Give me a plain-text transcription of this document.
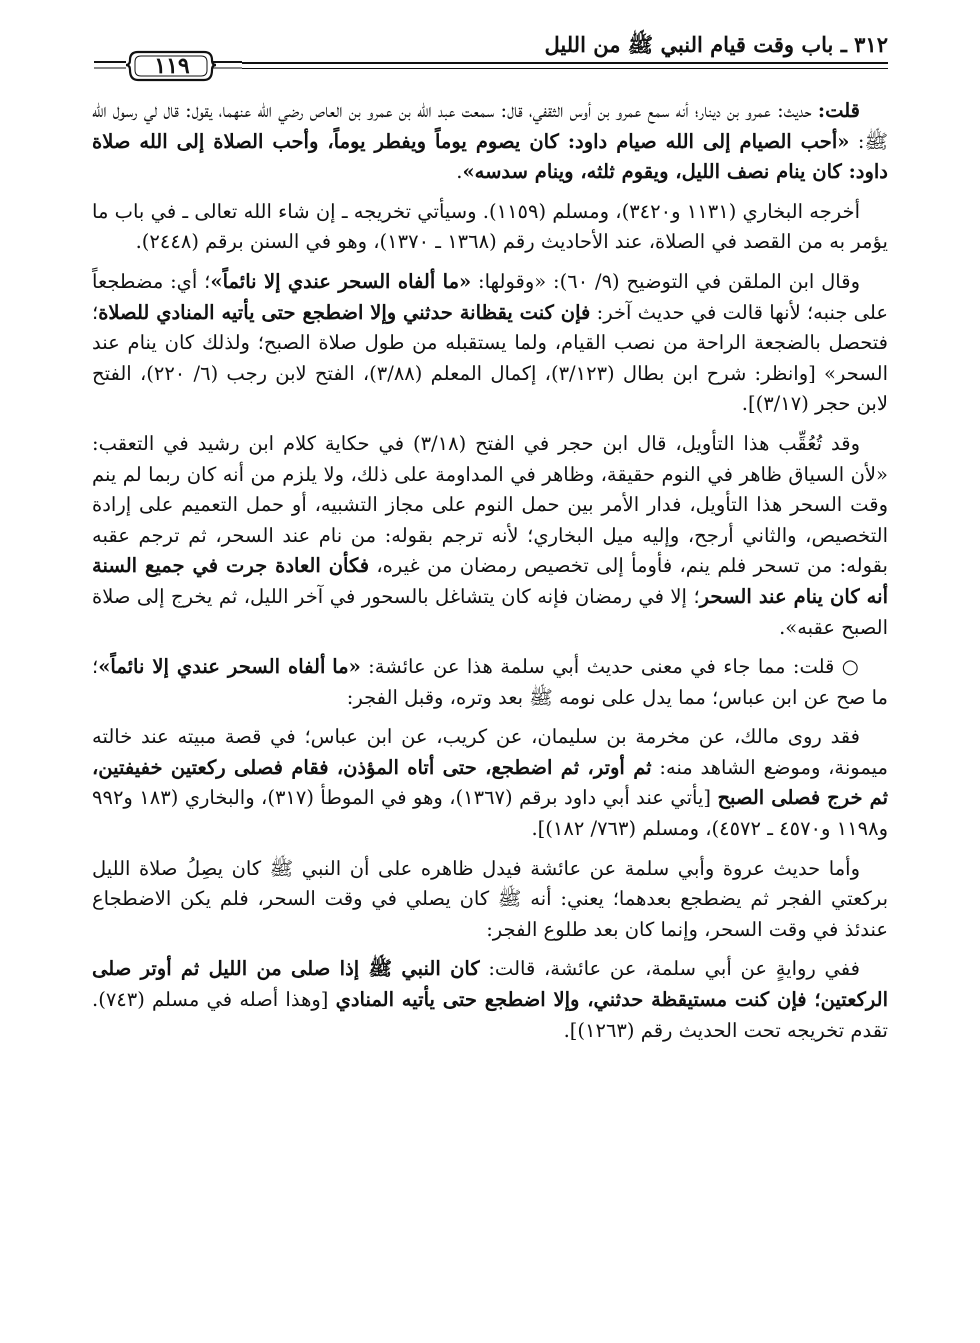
٣١٢ ـ باب وقت قيام النبي ﷺ من الليل
١١٩

قلت: حديث: عمرو بن دينار؛ أنه سمع عمرو بن أوس الثقفي، قال: سمعت عبد الله بن عمرو بن العاص رضي الله عنهما، يقول: قال لي رسول الله ﷺ: «أحب الصيام إلى الله صيام داود: كان يصوم يوماً ويفطر يوماً، وأحب الصلاة إلى الله صلاة داود: كان ينام نصف الليل، ويقوم ثلثه، وينام سدسه».

أخرجه البخاري (١١٣١ و٣٤٢٠)، ومسلم (١١٥٩). وسيأتي تخريجه ـ إن شاء الله تعالى ـ في باب ما يؤمر به من القصد في الصلاة، عند الأحاديث رقم (١٣٦٨ ـ ١٣٧٠)، وهو في السنن برقم (٢٤٤٨).

وقال ابن الملقن في التوضيح (٩/ ٦٠): «وقولها: «ما ألفاه السحر عندي إلا نائماً»؛ أي: مضطجعاً على جنبه؛ لأنها قالت في حديث آخر: فإن كنت يقظانة حدثني وإلا اضطجع حتى يأتيه المنادي للصلاة؛ فتحصل بالضجعة الراحة من نصب القيام، ولما يستقبله من طول صلاة الصبح؛ ولذلك كان ينام عند السحر» [وانظر: شرح ابن بطال (٣/١٢٣)، إكمال المعلم (٣/٨٨)، الفتح لابن رجب (٦/ ٢٢٠)، الفتح لابن حجر (٣/١٧)].

وقد تُعُقِّب هذا التأويل، قال ابن حجر في الفتح (٣/١٨) في حكاية كلام ابن رشيد في التعقب: «لأن السياق ظاهر في النوم حقيقة، وظاهر في المداومة على ذلك، ولا يلزم من أنه كان ربما لم ينم وقت السحر هذا التأويل، فدار الأمر بين حمل النوم على مجاز التشبيه، أو حمل التعميم على إرادة التخصيص، والثاني أرجح، وإليه ميل البخاري؛ لأنه ترجم بقوله: من نام عند السحر، ثم ترجم عقبه بقوله: من تسحر فلم ينم، فأومأ إلى تخصيص رمضان من غيره، فكأن العادة جرت في جميع السنة أنه كان ينام عند السحر؛ إلا في رمضان فإنه كان يتشاغل بالسحور في آخر الليل، ثم يخرج إلى صلاة الصبح عقبه».

○ قلت: مما جاء في معنى حديث أبي سلمة هذا عن عائشة: «ما ألفاه السحر عندي إلا نائماً»؛ ما صح عن ابن عباس؛ مما يدل على نومه ﷺ بعد وتره، وقبل الفجر:

فقد روى مالك، عن مخرمة بن سليمان، عن كريب، عن ابن عباس؛ في قصة مبيته عند خالته ميمونة، وموضع الشاهد منه: ثم أوتر، ثم اضطجع، حتى أتاه المؤذن، فقام فصلى ركعتين خفيفتين، ثم خرج فصلى الصبح [يأتي عند أبي داود برقم (١٣٦٧)، وهو في الموطأ (٣١٧)، والبخاري (١٨٣ و٩٩٢ و١١٩٨ و٤٥٧٠ ـ ٤٥٧٢)، ومسلم (٧٦٣/ ١٨٢)].

وأما حديث عروة وأبي سلمة عن عائشة فيدل ظاهره على أن النبي ﷺ كان يصِلُ صلاة الليل بركعتي الفجر ثم يضطجع بعدهما؛ يعني: أنه ﷺ كان يصلي في وقت السحر، فلم يكن الاضطجاع عندئذ في وقت السحر، وإنما كان بعد طلوع الفجر:

ففي روايةٍ عن أبي سلمة، عن عائشة، قالت: كان النبي ﷺ إذا صلى من الليل ثم أوتر صلى الركعتين؛ فإن كنت مستيقظة حدثني، وإلا اضطجع حتى يأتيه المنادي [وهذا أصله في مسلم (٧٤٣). تقدم تخريجه تحت الحديث رقم (١٢٦٣)].
